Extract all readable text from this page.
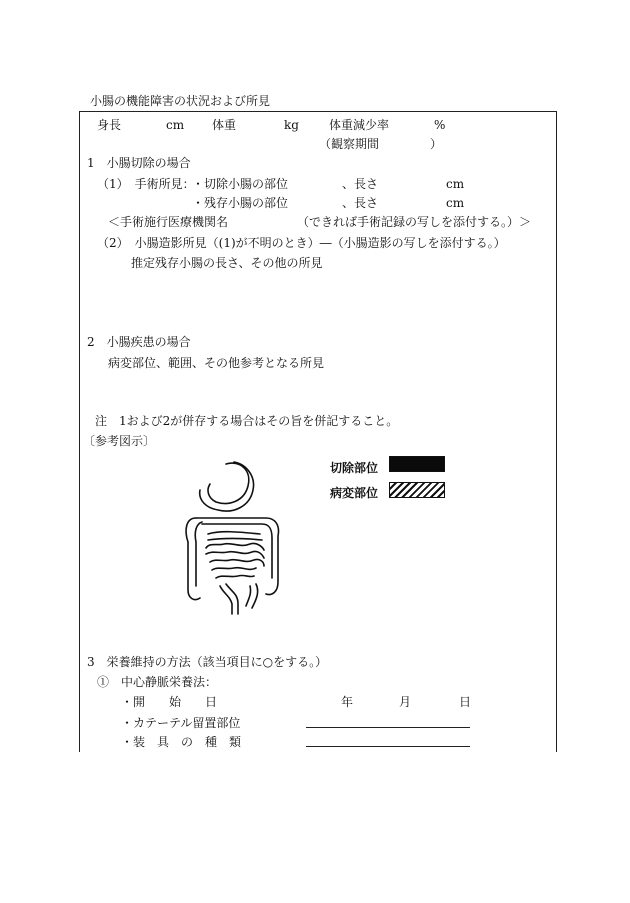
小腸の機能障害の状況および所見
身長	cm 体重	kg	体重減少率	%
（観察期間	）
1　小腸切除の場合
（1）　手術所見：
・切除小腸の部位	、長さ	cm
・残存小腸の部位	、長さ	cm
＜手術施行医療機関名	（できれば手術記録の写しを添付する。）＞
（2）　小腸造影所見（(1)が不明のとき）―（小腸造影の写しを添付する。）
推定残存小腸の長さ、その他の所見
2　小腸疾患の場合
病変部位、範囲、その他参考となる所見
注　1および2が併存する場合はその旨を併記すること。
〔参考図示〕
切除部位
病変部位
3　栄養維持の方法（該当項目に○をする。）
①　中心静脈栄養法：
・開　　始　　日	年	月	日
・カテーテル留置部位
・装　具　の　種　類
